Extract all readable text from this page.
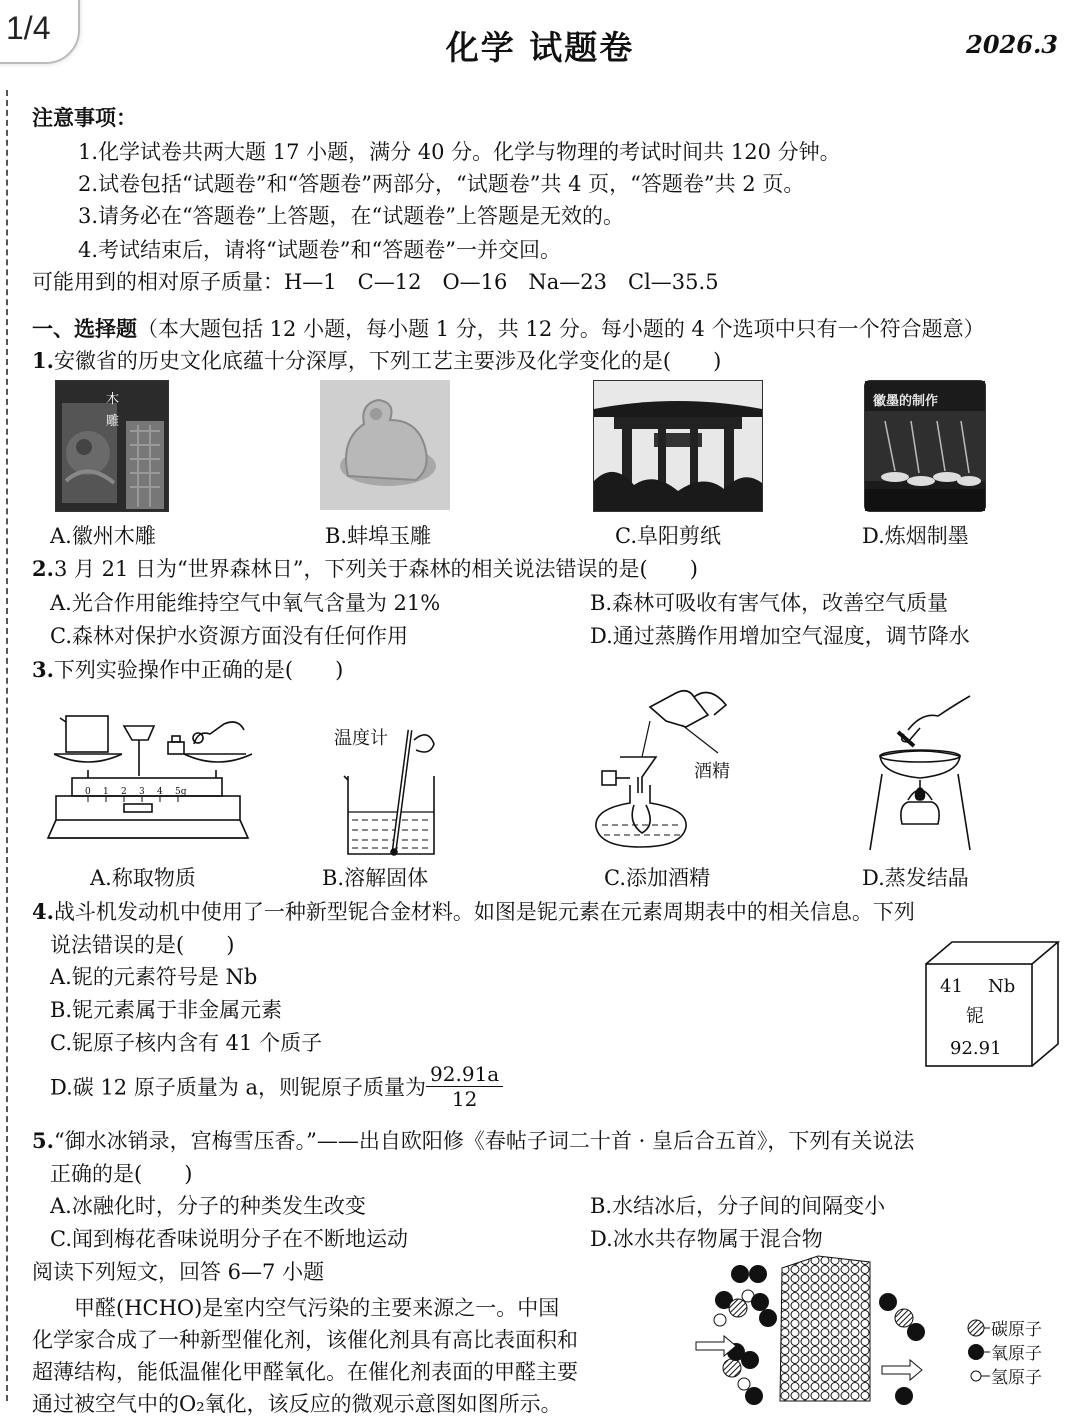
1/4	化学 试题卷	2026.3
注意事项：
1.化学试卷共两大题 17 小题，满分 40 分。化学与物理的考试时间共 120 分钟。
2.试卷包括“试题卷”和“答题卷”两部分，“试题卷”共 4 页，“答题卷”共 2 页。
3.请务必在“答题卷”上答题，在“试题卷”上答题是无效的。
4.考试结束后，请将“试题卷”和“答题卷”一并交回。
可能用到的相对原子质量：H—1　C—12　O—16　Na—23　Cl—35.5
一、选择题（本大题包括 12 小题，每小题 1 分，共 12 分。每小题的 4 个选项中只有一个符合题意）
1.安徽省的历史文化底蕴十分深厚，下列工艺主要涉及化学变化的是(　　)
木
雕
徽墨的制作
A.徽州木雕	B.蚌埠玉雕	C.阜阳剪纸	D.炼烟制墨
2.3 月 21 日为“世界森林日”，下列关于森林的相关说法错误的是(　　)
A.光合作用能维持空气中氧气含量为 21%	B.森林可吸收有害气体，改善空气质量
C.森林对保护水资源方面没有任何作用	D.通过蒸腾作用增加空气湿度，调节降水
3.下列实验操作中正确的是(　　)
0 1 2 3 4 5g
温度计
酒精
A.称取物质	B.溶解固体	C.添加酒精	D.蒸发结晶
4.战斗机发动机中使用了一种新型铌合金材料。如图是铌元素在元素周期表中的相关信息。下列
说法错误的是(　　)
A.铌的元素符号是 Nb
B.铌元素属于非金属元素
C.铌原子核内含有 41 个质子
D.碳 12 原子质量为 a，则铌原子质量为 $\frac{92.91a}{12}$
41 Nb
铌
92.91
5.“御水冰销录，宫梅雪压香。”——出自欧阳修《春帖子词二十首 · 皇后合五首》，下列有关说法
正确的是(　　)
A.冰融化时，分子的种类发生改变	B.水结冰后，分子间的间隔变小
C.闻到梅花香味说明分子在不断地运动	D.冰水共存物属于混合物
阅读下列短文，回答 6—7 小题
　　甲醛(HCHO)是室内空气污染的主要来源之一。中国
化学家合成了一种新型催化剂，该催化剂具有高比表面积和
超薄结构，能低温催化甲醛氧化。在催化剂表面的甲醛主要
通过被空气中的O₂氧化，该反应的微观示意图如图所示。
碳原子
氧原子
氢原子
